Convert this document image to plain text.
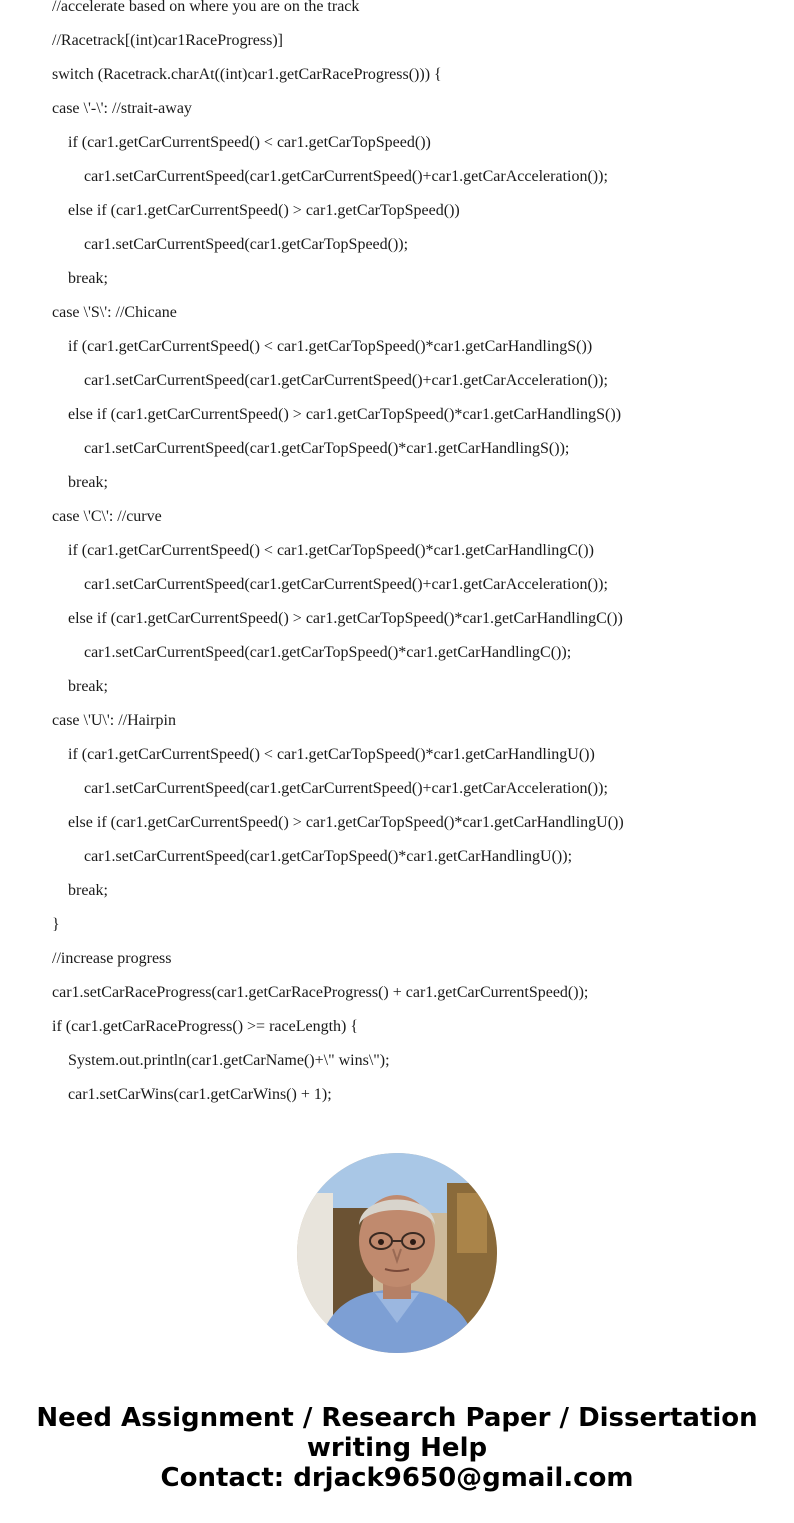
//accelerate based on where you are on the track
//Racetrack[(int)car1RaceProgress)]
switch (Racetrack.charAt((int)car1.getCarRaceProgress())) {
case \'-\': //strait-away
if (car1.getCarCurrentSpeed() < car1.getCarTopSpeed())
car1.setCarCurrentSpeed(car1.getCarCurrentSpeed()+car1.getCarAcceleration());
else if (car1.getCarCurrentSpeed() > car1.getCarTopSpeed())
car1.setCarCurrentSpeed(car1.getCarTopSpeed());
break;
case \'S\': //Chicane
if (car1.getCarCurrentSpeed() < car1.getCarTopSpeed()*car1.getCarHandlingS())
car1.setCarCurrentSpeed(car1.getCarCurrentSpeed()+car1.getCarAcceleration());
else if (car1.getCarCurrentSpeed() > car1.getCarTopSpeed()*car1.getCarHandlingS())
car1.setCarCurrentSpeed(car1.getCarTopSpeed()*car1.getCarHandlingS());
break;
case \'C\': //curve
if (car1.getCarCurrentSpeed() < car1.getCarTopSpeed()*car1.getCarHandlingC())
car1.setCarCurrentSpeed(car1.getCarCurrentSpeed()+car1.getCarAcceleration());
else if (car1.getCarCurrentSpeed() > car1.getCarTopSpeed()*car1.getCarHandlingC())
car1.setCarCurrentSpeed(car1.getCarTopSpeed()*car1.getCarHandlingC());
break;
case \'U\': //Hairpin
if (car1.getCarCurrentSpeed() < car1.getCarTopSpeed()*car1.getCarHandlingU())
car1.setCarCurrentSpeed(car1.getCarCurrentSpeed()+car1.getCarAcceleration());
else if (car1.getCarCurrentSpeed() > car1.getCarTopSpeed()*car1.getCarHandlingU())
car1.setCarCurrentSpeed(car1.getCarTopSpeed()*car1.getCarHandlingU());
break;
}
//increase progress
car1.setCarRaceProgress(car1.getCarRaceProgress() + car1.getCarCurrentSpeed());
if (car1.getCarRaceProgress() >= raceLength) {
System.out.println(car1.getCarName()+\" wins\");
car1.setCarWins(car1.getCarWins() + 1);
Need Assignment / Research Paper / Dissertation
writing Help
Contact: drjack9650@gmail.com
